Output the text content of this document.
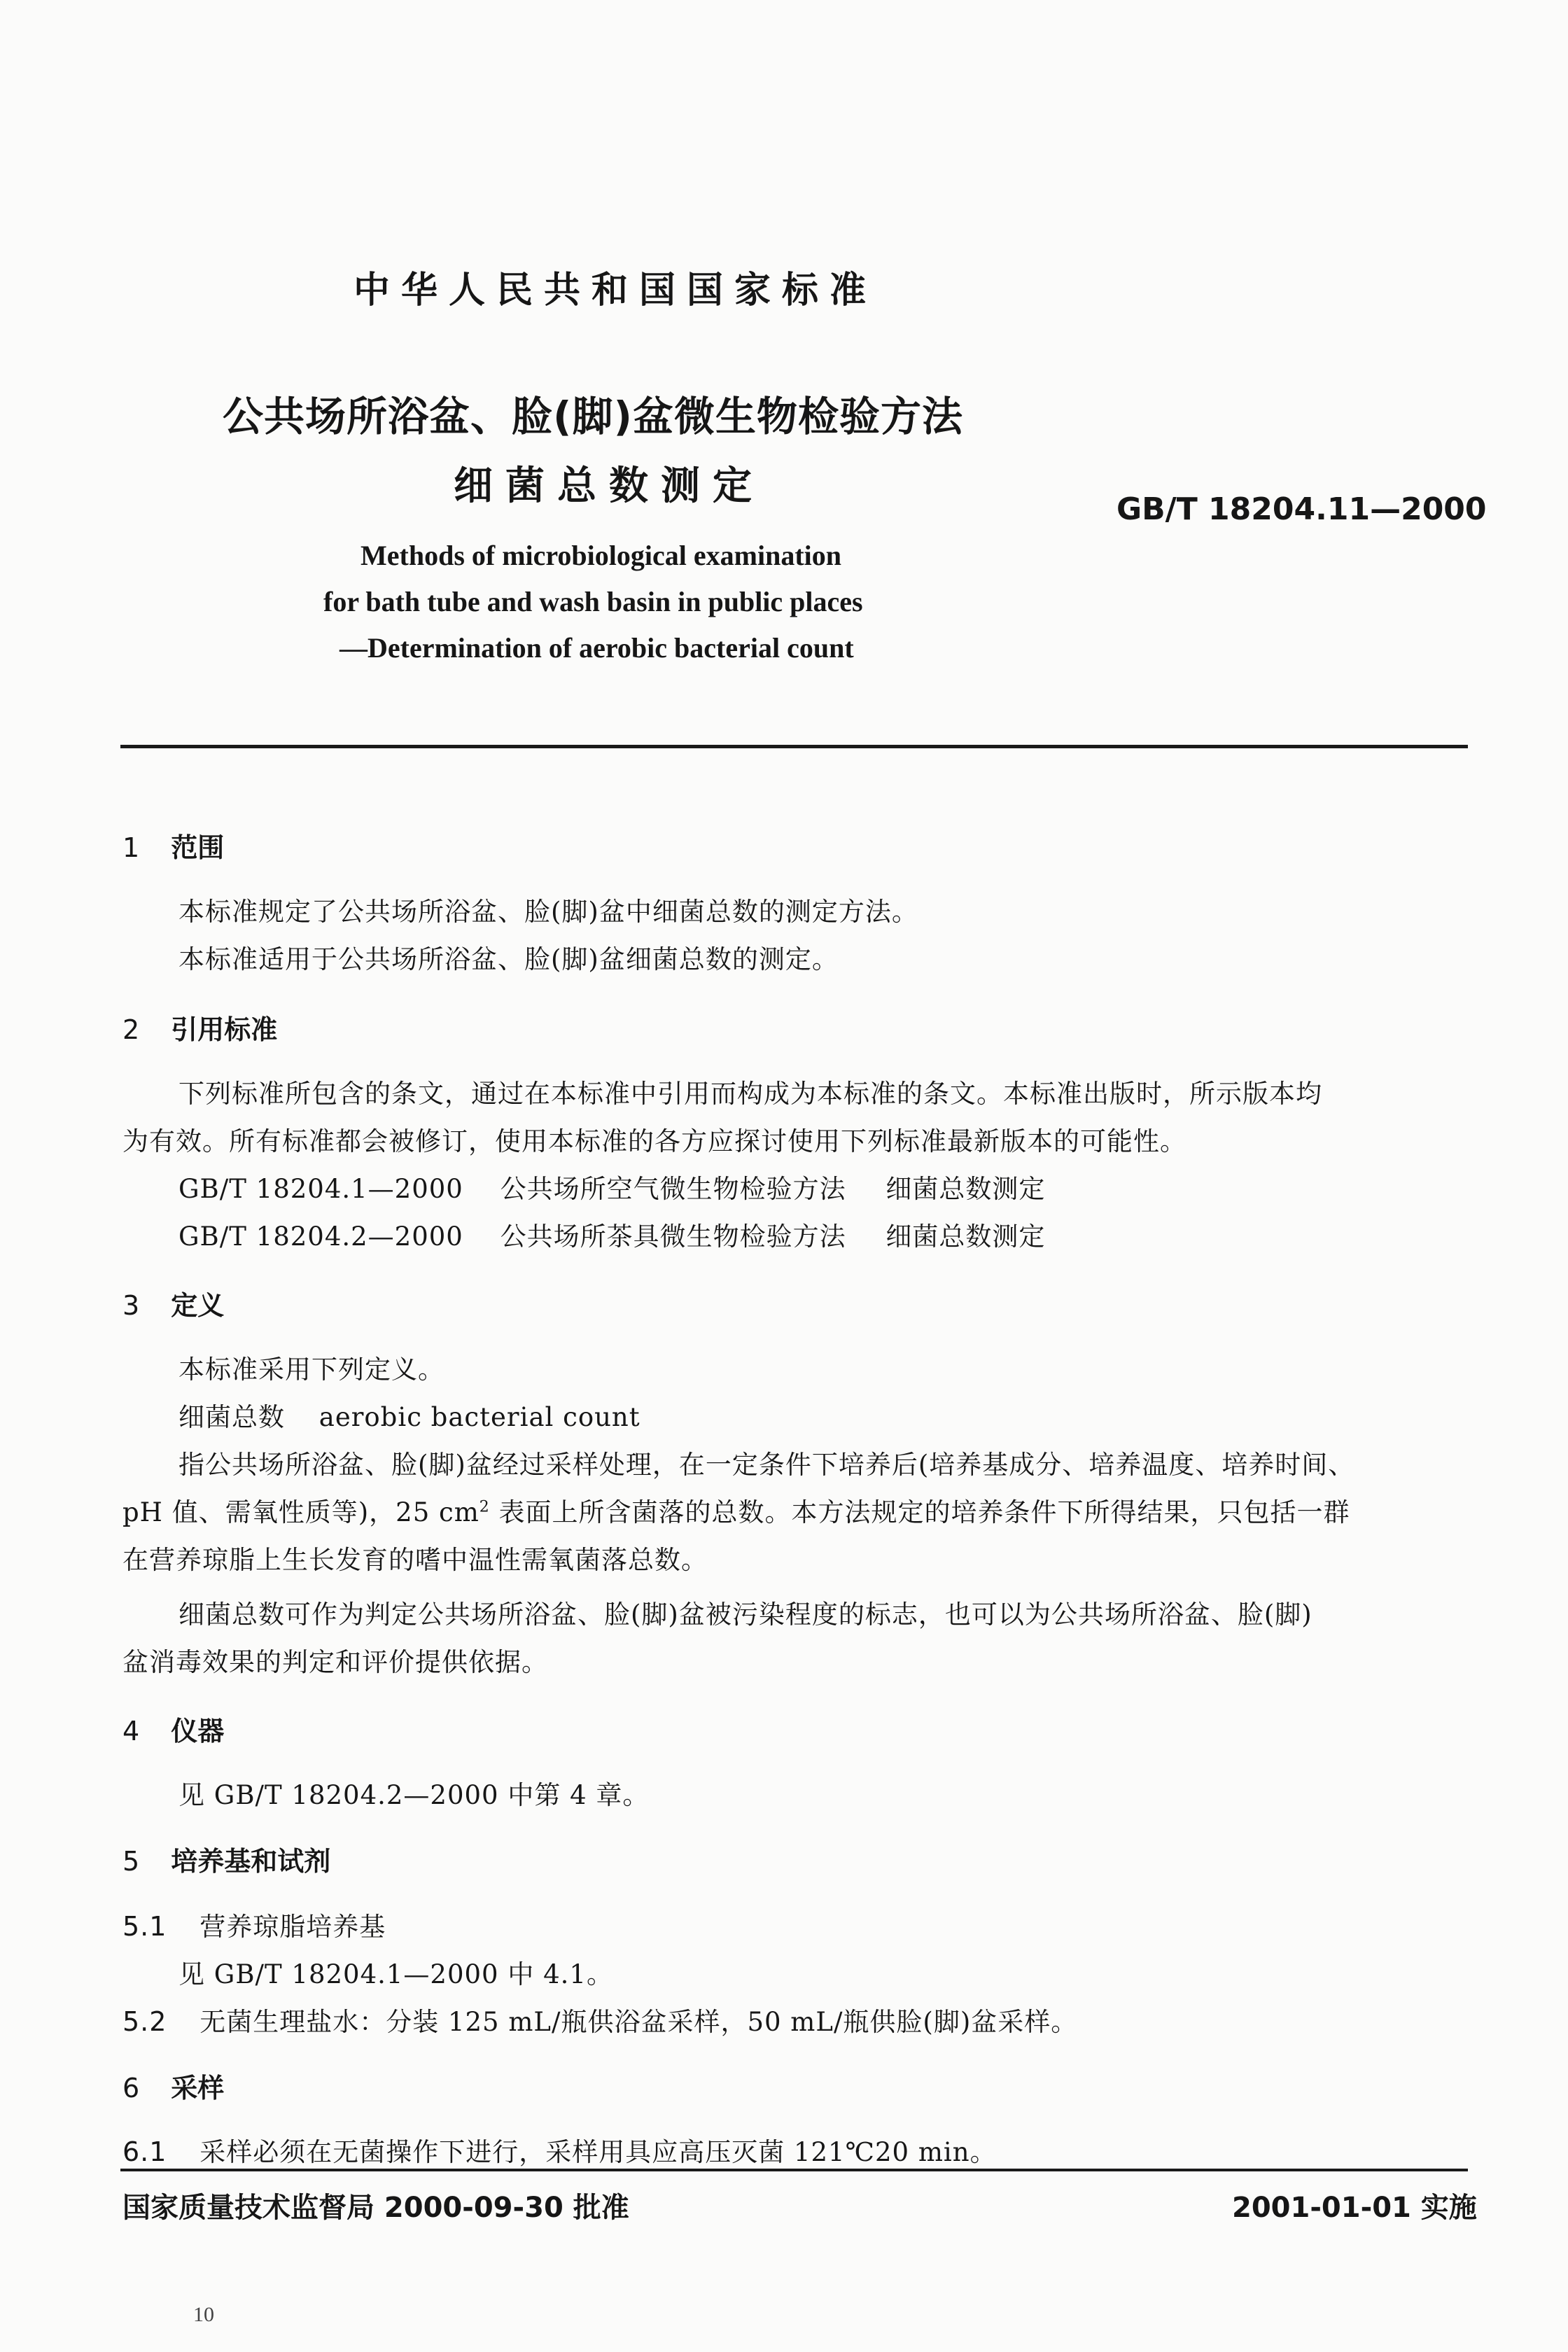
中华人民共和国国家标准
公共场所浴盆、脸(脚)盆微生物检验方法
细菌总数测定
GB/T 18204.11—2000
Methods of microbiological examination
for bath tube and wash basin in public places
—Determination of aerobic bacterial count
1 范围
本标准规定了公共场所浴盆、脸(脚)盆中细菌总数的测定方法。
本标准适用于公共场所浴盆、脸(脚)盆细菌总数的测定。
2 引用标准
下列标准所包含的条文，通过在本标准中引用而构成为本标准的条文。本标准出版时，所示版本均
为有效。所有标准都会被修订，使用本标准的各方应探讨使用下列标准最新版本的可能性。
GB/T 18204.1—2000 公共场所空气微生物检验方法 细菌总数测定
GB/T 18204.2—2000 公共场所茶具微生物检验方法 细菌总数测定
3 定义
本标准采用下列定义。
细菌总数 aerobic bacterial count
指公共场所浴盆、脸(脚)盆经过采样处理，在一定条件下培养后(培养基成分、培养温度、培养时间、
pH 值、需氧性质等)，25 $cm^2$ 表面上所含菌落的总数。本方法规定的培养条件下所得结果，只包括一群
在营养琼脂上生长发育的嗜中温性需氧菌落总数。
细菌总数可作为判定公共场所浴盆、脸(脚)盆被污染程度的标志，也可以为公共场所浴盆、脸(脚)
盆消毒效果的判定和评价提供依据。
4 仪器
见 GB/T 18204.2—2000 中第 4 章。
5 培养基和试剂
5.1 营养琼脂培养基
见 GB/T 18204.1—2000 中 4.1。
5.2 无菌生理盐水：分装 125 mL/瓶供浴盆采样，50 mL/瓶供脸(脚)盆采样。
6 采样
6.1 采样必须在无菌操作下进行，采样用具应高压灭菌 121℃20 min。
国家质量技术监督局 2000-09-30 批准	2001-01-01 实施
10
